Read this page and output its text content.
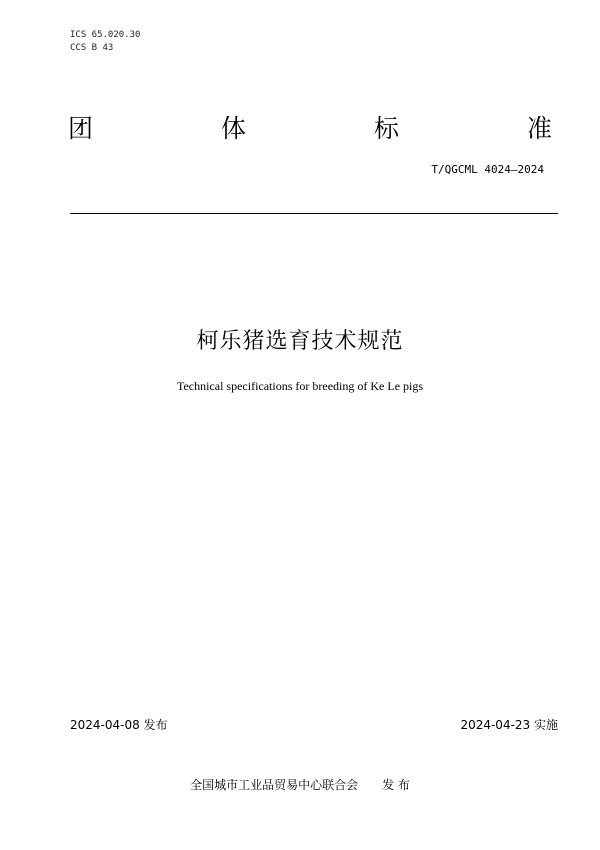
ICS 65.020.30
CCS B 43
团	体	标	准
T/QGCML 4024—2024
柯乐猪选育技术规范
Technical specifications for breeding of Ke Le pigs
2024-04-08 发布	2024-04-23 实施
全国城市工业品贸易中心联合会 发 布
